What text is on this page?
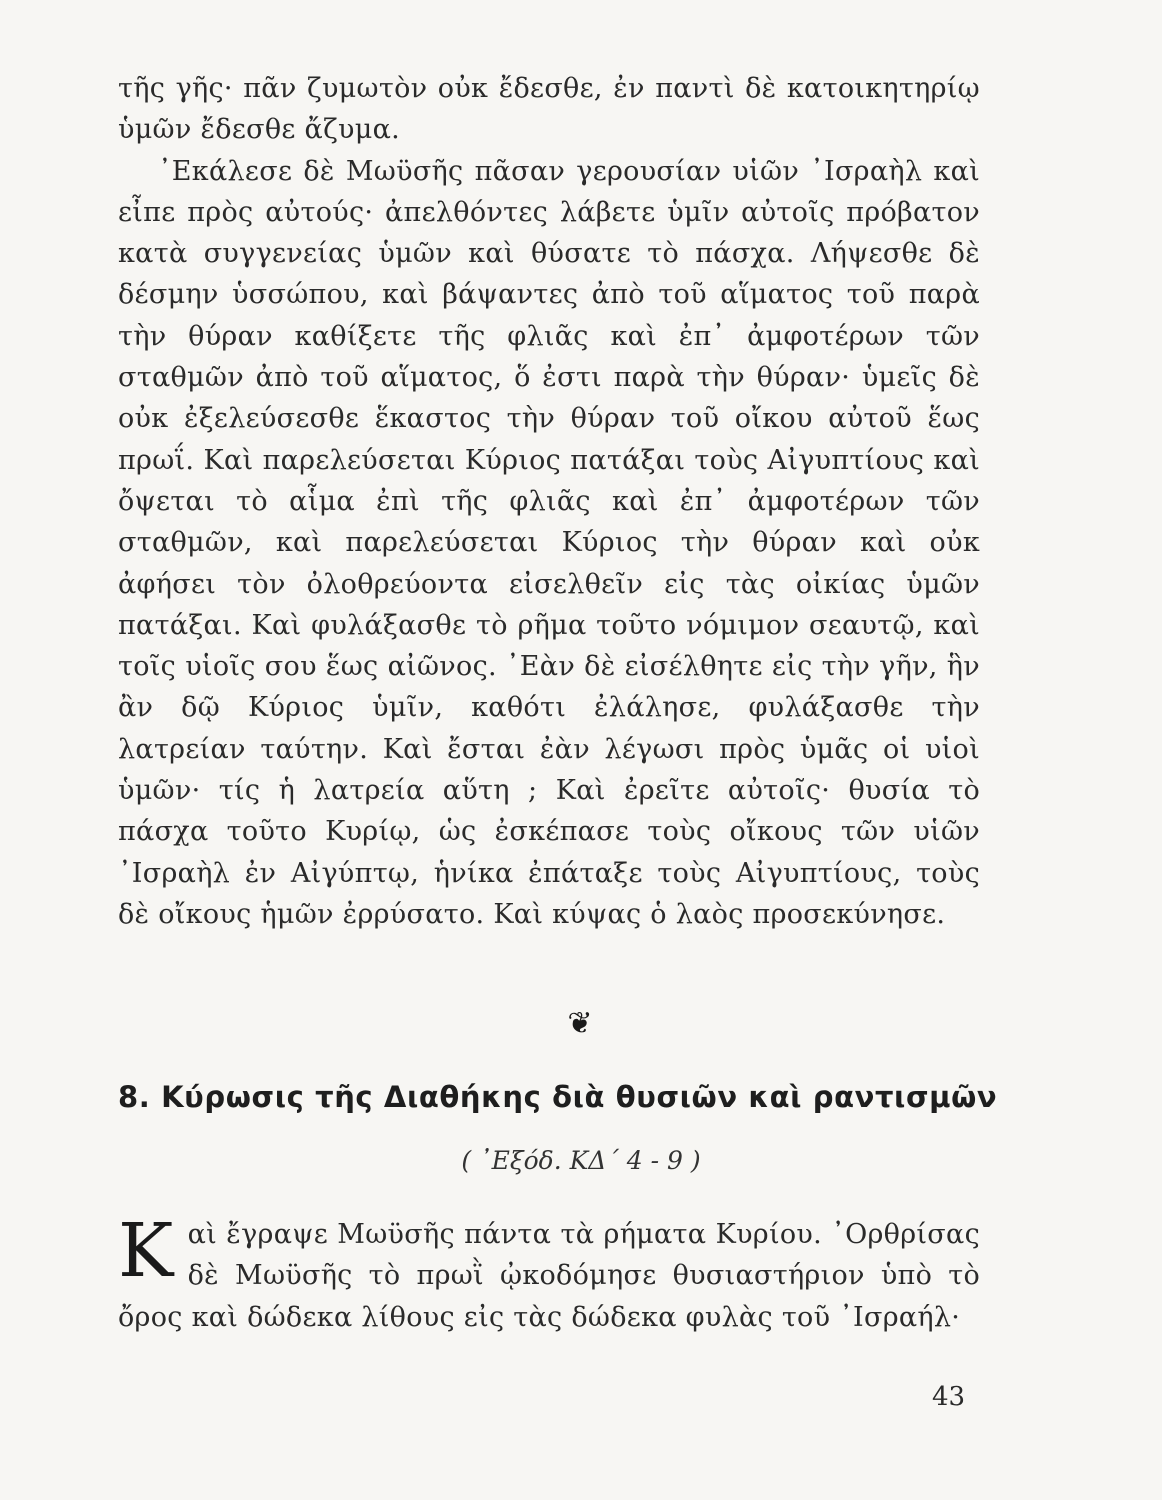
τῆς γῆς· πᾶν ζυμωτὸν οὐκ ἔδεσθε, ἐν παντὶ δὲ κατοικητηρίῳ ὑμῶν ἔδεσθε ἄζυμα.

᾿Εκάλεσε δὲ Μωϋσῆς πᾶσαν γερουσίαν υἱῶν ᾿Ισραὴλ καὶ εἶπε πρὸς αὐτούς· ἀπελθόντες λάβετε ὑμῖν αὐτοῖς πρόβατον κατὰ συγγενείας ὑμῶν καὶ θύσατε τὸ πάσχα. Λήψεσθε δὲ δέσμην ὑσσώπου, καὶ βάψαντες ἀπὸ τοῦ αἵματος τοῦ παρὰ τὴν θύραν καθίξετε τῆς φλιᾶς καὶ ἐπ᾿ ἀμφοτέρων τῶν σταθμῶν ἀπὸ τοῦ αἵματος, ὅ ἐστι παρὰ τὴν θύραν· ὑμεῖς δὲ οὐκ ἐξελεύσεσθε ἕκαστος τὴν θύραν τοῦ οἴκου αὐτοῦ ἕως πρωΐ. Καὶ παρελεύσεται Κύριος πατάξαι τοὺς Αἰγυπτίους καὶ ὄψεται τὸ αἷμα ἐπὶ τῆς φλιᾶς καὶ ἐπ᾿ ἀμφοτέρων τῶν σταθμῶν, καὶ παρελεύσεται Κύριος τὴν θύραν καὶ οὐκ ἀφήσει τὸν ὀλοθρεύοντα εἰσελθεῖν εἰς τὰς οἰκίας ὑμῶν πατάξαι. Καὶ φυλάξασθε τὸ ρῆμα τοῦτο νόμιμον σεαυτῷ, καὶ τοῖς υἱοῖς σου ἕως αἰῶνος. ᾿Εὰν δὲ εἰσέλθητε εἰς τὴν γῆν, ἣν ἂν δῷ Κύριος ὑμῖν, καθότι ἐλάλησε, φυλάξασθε τὴν λατρείαν ταύτην. Καὶ ἔσται ἐὰν λέγωσι πρὸς ὑμᾶς οἱ υἱοὶ ὑμῶν· τίς ἡ λατρεία αὕτη ; Καὶ ἐρεῖτε αὐτοῖς· θυσία τὸ πάσχα τοῦτο Κυρίῳ, ὡς ἐσκέπασε τοὺς οἴκους τῶν υἱῶν ᾿Ισραὴλ ἐν Αἰγύπτῳ, ἡνίκα ἐπάταξε τοὺς Αἰγυπτίους, τοὺς δὲ οἴκους ἡμῶν ἐρρύσατο. Καὶ κύψας ὁ λαὸς προσεκύνησε.

❦
8. Κύρωσις τῆς Διαθήκης διὰ θυσιῶν καὶ ραντισμῶν
( ᾿Εξόδ. ΚΔ΄ 4 - 9 )
Κ αὶ ἔγραψε Μωϋσῆς πάντα τὰ ρήματα Κυρίου. ᾿Ορθρίσας δὲ Μωϋσῆς τὸ πρωῒ ᾠκοδόμησε θυσιαστήριον ὑπὸ τὸ ὄρος καὶ δώδεκα λίθους εἰς τὰς δώδεκα φυλὰς τοῦ ᾿Ισραήλ·
43
